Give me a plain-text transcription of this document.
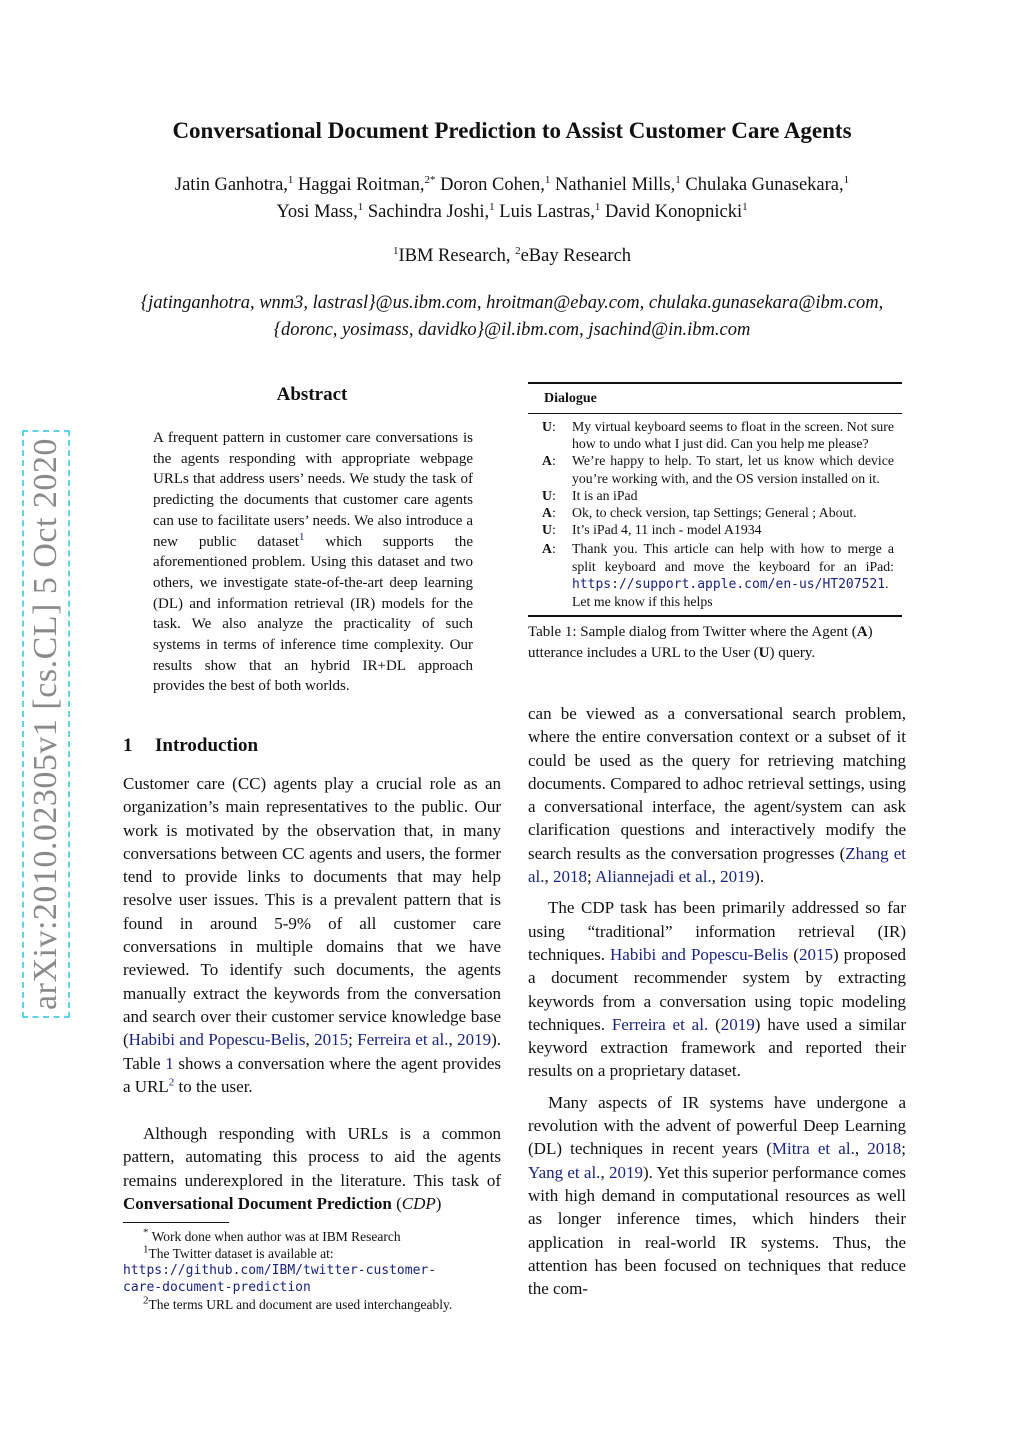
arXiv:2010.02305v1 [cs.CL] 5 Oct 2020
Conversational Document Prediction to Assist Customer Care Agents
Jatin Ganhotra,$^1$ Haggai Roitman,$^{2*}$ Doron Cohen,$^1$ Nathaniel Mills,$^1$ Chulaka Gunasekara,$^1$
Yosi Mass,$^1$ Sachindra Joshi,$^1$ Luis Lastras,$^1$ David Konopnicki$^1$
$^1$IBM Research, $^2$eBay Research
{jatinganhotra, wnm3, lastrasl}@us.ibm.com, hroitman@ebay.com, chulaka.gunasekara@ibm.com,
{doronc, yosimass, davidko}@il.ibm.com, jsachind@in.ibm.com
Abstract
A frequent pattern in customer care conversations is the agents responding with appropriate webpage URLs that address users’ needs. We study the task of predicting the documents that customer care agents can use to facilitate users’ needs. We also introduce a new public dataset$^1$ which supports the aforementioned problem. Using this dataset and two others, we investigate state-of-the-art deep learning (DL) and information retrieval (IR) models for the task. We also analyze the practicality of such systems in terms of inference time complexity. Our results show that an hybrid IR+DL approach provides the best of both worlds.
1 Introduction
Customer care (CC) agents play a crucial role as an organization’s main representatives to the public. Our work is motivated by the observation that, in many conversations between CC agents and users, the former tend to provide links to documents that may help resolve user issues. This is a prevalent pattern that is found in around 5-9% of all customer care conversations in multiple domains that we have reviewed. To identify such documents, the agents manually extract the keywords from the conversation and search over their customer service knowledge base (Habibi and Popescu-Belis, 2015; Ferreira et al., 2019). Table 1 shows a conversation where the agent provides a URL$^2$ to the user.
Although responding with URLs is a common pattern, automating this process to aid the agents remains underexplored in the literature. This task of Conversational Document Prediction (CDP)
* Work done when author was at IBM Research
$^1$The Twitter dataset is available at:
https://github.com/IBM/twitter-customer-
care-document-prediction
$^2$The terms URL and document are used interchangeably.
Dialogue
U:	My virtual keyboard seems to float in the screen. Not sure how to undo what I just did. Can you help me please?
A:	We’re happy to help. To start, let us know which device you’re working with, and the OS version installed on it.
U:	It is an iPad
A:	Ok, to check version, tap Settings; General ; About.
U:	It’s iPad 4, 11 inch - model A1934
A:	Thank you. This article can help with how to merge a split keyboard and move the keyboard for an iPad: https://support.apple.com/en-us/HT207521. Let me know if this helps
Table 1: Sample dialog from Twitter where the Agent (A) utterance includes a URL to the User (U) query.
can be viewed as a conversational search problem, where the entire conversation context or a subset of it could be used as the query for retrieving matching documents. Compared to adhoc retrieval settings, using a conversational interface, the agent/system can ask clarification questions and interactively modify the search results as the conversation progresses (Zhang et al., 2018; Aliannejadi et al., 2019).
The CDP task has been primarily addressed so far using “traditional” information retrieval (IR) techniques. Habibi and Popescu-Belis (2015) proposed a document recommender system by extracting keywords from a conversation using topic modeling techniques. Ferreira et al. (2019) have used a similar keyword extraction framework and reported their results on a proprietary dataset.
Many aspects of IR systems have undergone a revolution with the advent of powerful Deep Learning (DL) techniques in recent years (Mitra et al., 2018; Yang et al., 2019). Yet this superior performance comes with high demand in computational resources as well as longer inference times, which hinders their application in real-world IR systems. Thus, the attention has been focused on techniques that reduce the com-
